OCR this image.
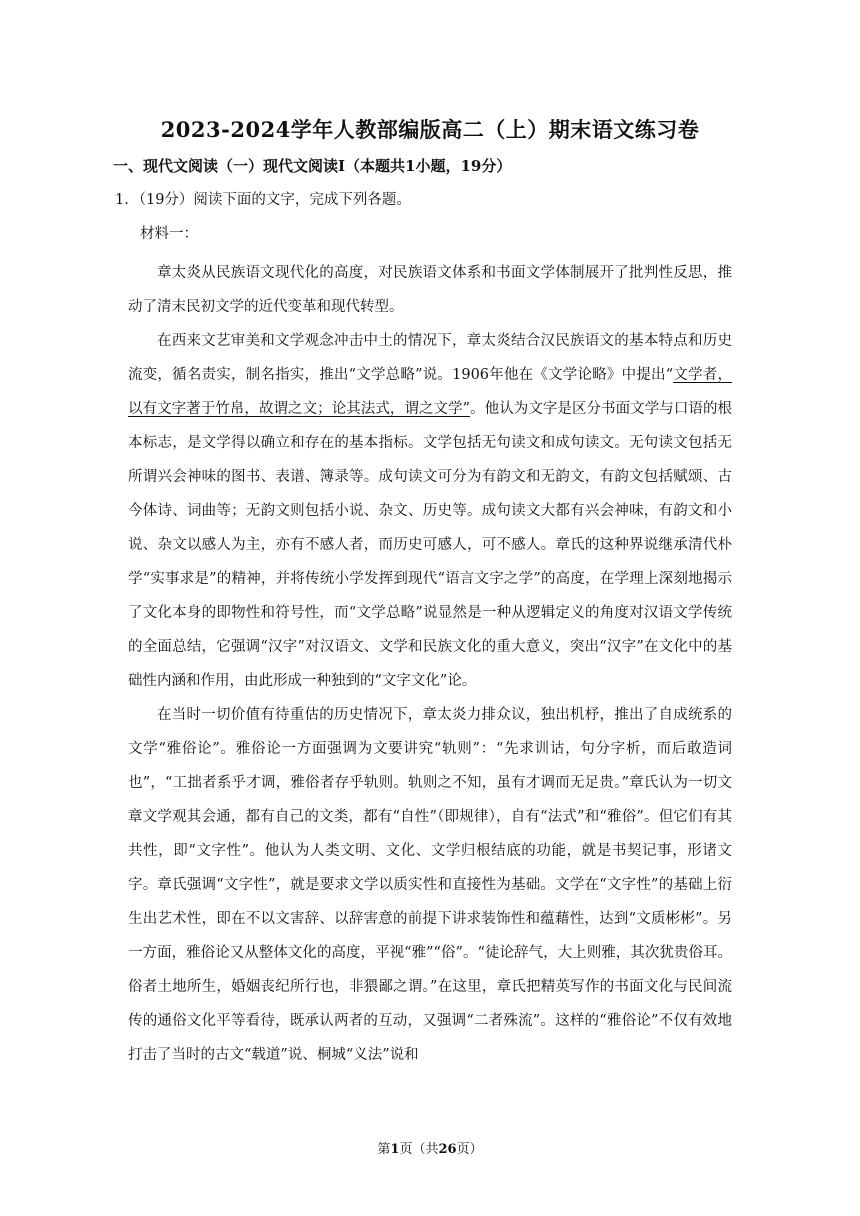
2023-2024学年人教部编版高二（上）期末语文练习卷
一、现代文阅读（一）现代文阅读Ⅰ（本题共1小题，19分）
1．（19分）阅读下面的文字，完成下列各题。
材料一：

章太炎从民族语文现代化的高度，对民族语文体系和书面文学体制展开了批判性反思，推动了清末民初文学的近代变革和现代转型。

在西来文艺审美和文学观念冲击中土的情况下，章太炎结合汉民族语文的基本特点和历史流变，循名责实，制名指实，推出“文学总略”说。1906年他在《文学论略》中提出“文学者，以有文字著于竹帛，故谓之文；论其法式，谓之文学”。他认为文字是区分书面文学与口语的根本标志，是文学得以确立和存在的基本指标。文学包括无句读文和成句读文。无句读文包括无所谓兴会神味的图书、表谱、簿录等。成句读文可分为有韵文和无韵文，有韵文包括赋颂、古今体诗、词曲等；无韵文则包括小说、杂文、历史等。成句读文大都有兴会神味，有韵文和小说、杂文以感人为主，亦有不感人者，而历史可感人，可不感人。章氏的这种界说继承清代朴学“实事求是”的精神，并将传统小学发挥到现代“语言文字之学”的高度，在学理上深刻地揭示了文化本身的即物性和符号性，而“文学总略”说显然是一种从逻辑定义的角度对汉语文学传统的全面总结，它强调“汉字”对汉语文、文学和民族文化的重大意义，突出“汉字”在文化中的基础性内涵和作用，由此形成一种独到的“文字文化”论。

在当时一切价值有待重估的历史情况下，章太炎力排众议，独出机杼，推出了自成统系的文学“雅俗论”。雅俗论一方面强调为文要讲究“轨则”：“先求训诂，句分字析，而后敢造词也”，“工拙者系乎才调，雅俗者存乎轨则。轨则之不知，虽有才调而无足贵。”章氏认为一切文章文学观其会通，都有自己的文类，都有“自性”（即规律），自有“法式”和“雅俗”。但它们有其共性，即“文字性”。他认为人类文明、文化、文学归根结底的功能，就是书契记事，形诸文字。章氏强调“文字性”，就是要求文学以质实性和直接性为基础。文学在“文字性”的基础上衍生出艺术性，即在不以文害辞、以辞害意的前提下讲求装饰性和蕴藉性，达到“文质彬彬”。另一方面，雅俗论又从整体文化的高度，平视“雅”“俗”。“徒论辞气，大上则雅，其次犹贵俗耳。俗者土地所生，婚姻丧纪所行也，非猥鄙之谓。”在这里，章氏把精英写作的书面文化与民间流传的通俗文化平等看待，既承认两者的互动，又强调“二者殊流”。这样的“雅俗论”不仅有效地打击了当时的古文“载道”说、桐城“义法”说和

第1页（共26页）
